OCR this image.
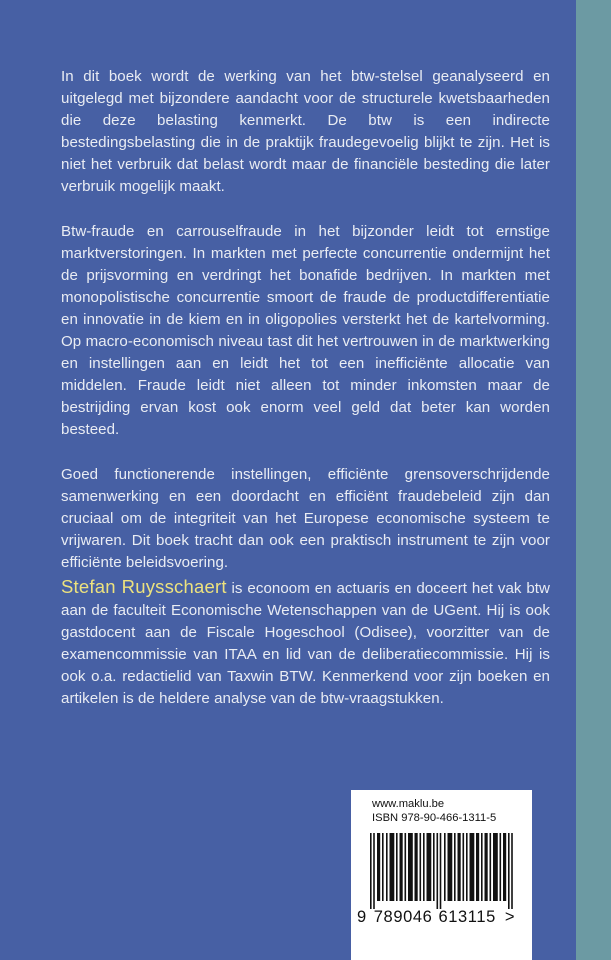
In dit boek wordt de werking van het btw-stelsel geanalyseerd en uitgelegd met bijzondere aandacht voor de structurele kwetsbaarheden die deze belasting kenmerkt. De btw is een indirecte bestedingsbelasting die in de praktijk fraudegevoelig blijkt te zijn. Het is niet het verbruik dat belast wordt maar de financiële besteding die later verbruik mogelijk maakt.

Btw-fraude en carrouselfraude in het bijzonder leidt tot ernstige marktverstoringen. In markten met perfecte concurrentie ondermijnt het de prijsvorming en verdringt het bonafide bedrijven. In markten met monopolistische concurrentie smoort de fraude de productdifferentiatie en innovatie in de kiem en in oligopolies versterkt het de kartelvorming. Op macro-economisch niveau tast dit het vertrouwen in de marktwerking en instellingen aan en leidt het tot een inefficiënte allocatie van middelen. Fraude leidt niet alleen tot minder inkomsten maar de bestrijding ervan kost ook enorm veel geld dat beter kan worden besteed.

Goed functionerende instellingen, efficiënte grensoverschrijdende samenwerking en een doordacht en efficiënt fraudebeleid zijn dan cruciaal om de integriteit van het Europese economische systeem te vrijwaren. Dit boek tracht dan ook een praktisch instrument te zijn voor efficiënte beleidsvoering.

Stefan Ruysschaert is econoom en actuaris en doceert het vak btw aan de faculteit Economische Wetenschappen van de UGent. Hij is ook gastdocent aan de Fiscale Hogeschool (Odisee), voorzitter van de examencommissie van ITAA en lid van de deliberatiecommissie. Hij is ook o.a. redactielid van Taxwin BTW. Kenmerkend voor zijn boeken en artikelen is de heldere analyse van de btw-vraagstukken.

www.maklu.be
ISBN 978-90-466-1311-5
9 789046 613115 >
